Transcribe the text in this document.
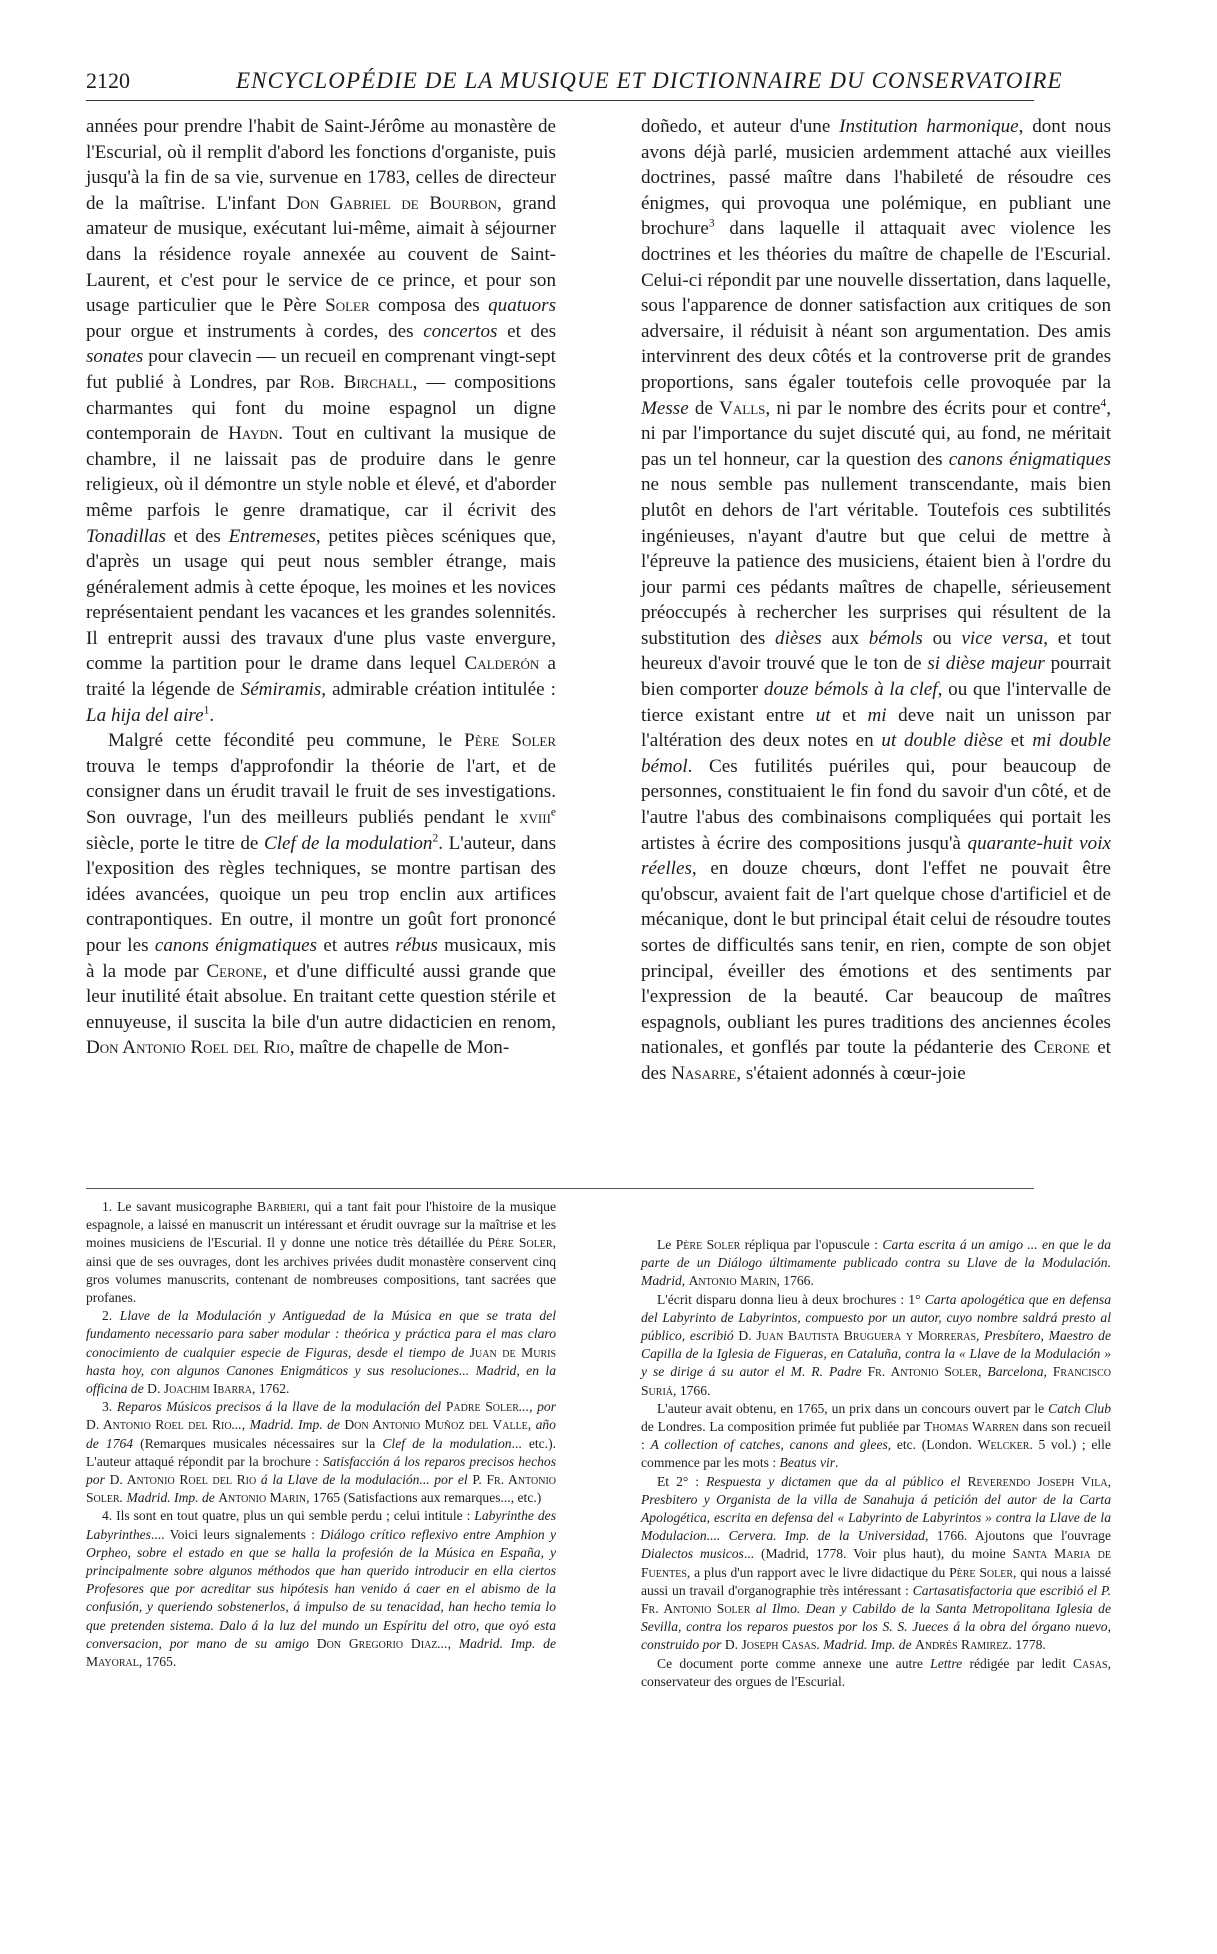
2120	ENCYCLOPÉDIE DE LA MUSIQUE ET DICTIONNAIRE DU CONSERVATOIRE

années pour prendre l'habit de Saint-Jérôme au monastère de l'Escurial, où il remplit d'abord les fonctions d'organiste, puis jusqu'à la fin de sa vie, survenue en 1783, celles de directeur de la maîtrise. L'infant Don Gabriel de Bourbon, grand amateur de musique, exécutant lui-même, aimait à séjourner dans la résidence royale annexée au couvent de Saint-Laurent, et c'est pour le service de ce prince, et pour son usage particulier que le Père Soler composa des quatuors pour orgue et instruments à cordes, des concertos et des sonates pour clavecin — un recueil en comprenant vingt-sept fut publié à Londres, par Rob. Birchall, — compositions charmantes qui font du moine espagnol un digne contemporain de Haydn. Tout en cultivant la musique de chambre, il ne laissait pas de produire dans le genre religieux, où il démontre un style noble et élevé, et d'aborder même parfois le genre dramatique, car il écrivit des Tonadillas et des Entremeses, petites pièces scéniques que, d'après un usage qui peut nous sembler étrange, mais généralement admis à cette époque, les moines et les novices représentaient pendant les vacances et les grandes solennités. Il entreprit aussi des travaux d'une plus vaste envergure, comme la partition pour le drame dans lequel Calderón a traité la légende de Sémiramis, admirable création intitulée : La hija del aire$^1$.

Malgré cette fécondité peu commune, le Père Soler trouva le temps d'approfondir la théorie de l'art, et de consigner dans un érudit travail le fruit de ses investigations. Son ouvrage, l'un des meilleurs publiés pendant le xviii$^e$ siècle, porte le titre de Clef de la modulation$^2$. L'auteur, dans l'exposition des règles techniques, se montre partisan des idées avancées, quoique un peu trop enclin aux artifices contrapontiques. En outre, il montre un goût fort prononcé pour les canons énigmatiques et autres rébus musicaux, mis à la mode par Cerone, et d'une difficulté aussi grande que leur inutilité était absolue. En traitant cette question stérile et ennuyeuse, il suscita la bile d'un autre didacticien en renom, Don Antonio Roel del Rio, maître de chapelle de Mon-

doñedo, et auteur d'une Institution harmonique, dont nous avons déjà parlé, musicien ardemment attaché aux vieilles doctrines, passé maître dans l'habileté de résoudre ces énigmes, qui provoqua une polémique, en publiant une brochure$^3$ dans laquelle il attaquait avec violence les doctrines et les théories du maître de chapelle de l'Escurial. Celui-ci répondit par une nouvelle dissertation, dans laquelle, sous l'apparence de donner satisfaction aux critiques de son adversaire, il réduisit à néant son argumentation. Des amis intervinrent des deux côtés et la controverse prit de grandes proportions, sans égaler toutefois celle provoquée par la Messe de Valls, ni par le nombre des écrits pour et contre$^4$, ni par l'importance du sujet discuté qui, au fond, ne méritait pas un tel honneur, car la question des canons énigmatiques ne nous semble pas nullement transcendante, mais bien plutôt en dehors de l'art véritable. Toutefois ces subtilités ingénieuses, n'ayant d'autre but que celui de mettre à l'épreuve la patience des musiciens, étaient bien à l'ordre du jour parmi ces pédants maîtres de chapelle, sérieusement préoccupés à rechercher les surprises qui résultent de la substitution des dièses aux bémols ou vice versa, et tout heureux d'avoir trouvé que le ton de si dièse majeur pourrait bien comporter douze bémols à la clef, ou que l'intervalle de tierce existant entre ut et mi deve nait un unisson par l'altération des deux notes en ut double dièse et mi double bémol. Ces futilités puériles qui, pour beaucoup de personnes, constituaient le fin fond du savoir d'un côté, et de l'autre l'abus des combinaisons compliquées qui portait les artistes à écrire des compositions jusqu'à quarante-huit voix réelles, en douze chœurs, dont l'effet ne pouvait être qu'obscur, avaient fait de l'art quelque chose d'artificiel et de mécanique, dont le but principal était celui de résoudre toutes sortes de difficultés sans tenir, en rien, compte de son objet principal, éveiller des émotions et des sentiments par l'expression de la beauté. Car beaucoup de maîtres espagnols, oubliant les pures traditions des anciennes écoles nationales, et gonflés par toute la pédanterie des Cerone et des Nasarre, s'étaient adonnés à cœur-joie

1. Le savant musicographe Barbieri, qui a tant fait pour l'histoire de la musique espagnole, a laissé en manuscrit un intéressant et érudit ouvrage sur la maîtrise et les moines musiciens de l'Escurial. Il y donne une notice très détaillée du Père Soler, ainsi que de ses ouvrages, dont les archives privées dudit monastère conservent cinq gros volumes manuscrits, contenant de nombreuses compositions, tant sacrées que profanes.

2. Llave de la Modulación y Antiguedad de la Música en que se trata del fundamento necessario para saber modular : theórica y práctica para el mas claro conocimiento de cualquier especie de Figuras, desde el tiempo de Juan de Muris hasta hoy, con algunos Canones Enigmáticos y sus resoluciones... Madrid, en la officina de D. Joachim Ibarra, 1762.

3. Reparos Músicos precisos á la llave de la modulación del Padre Soler..., por D. Antonio Roel del Rio..., Madrid. Imp. de Don Antonio Muñoz del Valle, año de 1764 (Remarques musicales nécessaires sur la Clef de la modulation... etc.). L'auteur attaqué répondit par la brochure : Satisfacción á los reparos precisos hechos por D. Antonio Roel del Rio á la Llave de la modulación... por el P. Fr. Antonio Soler. Madrid. Imp. de Antonio Marin, 1765 (Satisfactions aux remarques..., etc.)

4. Ils sont en tout quatre, plus un qui semble perdu ; celui intitule : Labyrinthe des Labyrinthes.... Voici leurs signalements : Diálogo crítico reflexivo entre Amphion y Orpheo, sobre el estado en que se halla la profesión de la Música en España, y principalmente sobre algunos méthodos que han querido introducir en ella ciertos Profesores que por acreditar sus hipótesis han venido á caer en el abismo de la confusión, y queriendo sobstenerlos, á impulso de su tenacidad, han hecho temia lo que pretenden sistema. Dalo á la luz del mundo un Espíritu del otro, que oyó esta conversacion, por mano de su amigo Don Gregorio Diaz..., Madrid. Imp. de Mayoral, 1765.

Le Père Soler répliqua par l'opuscule : Carta escrita á un amigo ... en que le da parte de un Diálogo últimamente publicado contra su Llave de la Modulación. Madrid, Antonio Marin, 1766.

L'écrit disparu donna lieu à deux brochures : 1° Carta apologética que en defensa del Labyrinto de Labyrintos, compuesto por un autor, cuyo nombre saldrá presto al público, escribió D. Juan Bautista Bruguera y Morreras, Presbítero, Maestro de Capilla de la Iglesia de Figueras, en Cataluña, contra la « Llave de la Modulación » y se dirige á su autor el M. R. Padre Fr. Antonio Soler, Barcelona, Francisco Suriá, 1766.

L'auteur avait obtenu, en 1765, un prix dans un concours ouvert par le Catch Club de Londres. La composition primée fut publiée par Thomas Warren dans son recueil : A collection of catches, canons and glees, etc. (London. Welcker. 5 vol.) ; elle commence par les mots : Beatus vir.

Et 2° : Respuesta y dictamen que da al público el Reverendo Joseph Vila, Presbitero y Organista de la villa de Sanahuja á petición del autor de la Carta Apologética, escrita en defensa del « Labyrinto de Labyrintos » contra la Llave de la Modulacion.... Cervera. Imp. de la Universidad, 1766. Ajoutons que l'ouvrage Dialectos musicos... (Madrid, 1778. Voir plus haut), du moine Santa Maria de Fuentes, a plus d'un rapport avec le livre didactique du Père Soler, qui nous a laissé aussi un travail d'organographie très intéressant : Cartasatisfactoria que escribió el P. Fr. Antonio Soler al Ilmo. Dean y Cabildo de la Santa Metropolitana Iglesia de Sevilla, contra los reparos puestos por los S. S. Jueces á la obra del órgano nuevo, construido por D. Joseph Casas. Madrid. Imp. de Andrés Ramirez. 1778.

Ce document porte comme annexe une autre Lettre rédigée par ledit Casas, conservateur des orgues de l'Escurial.
